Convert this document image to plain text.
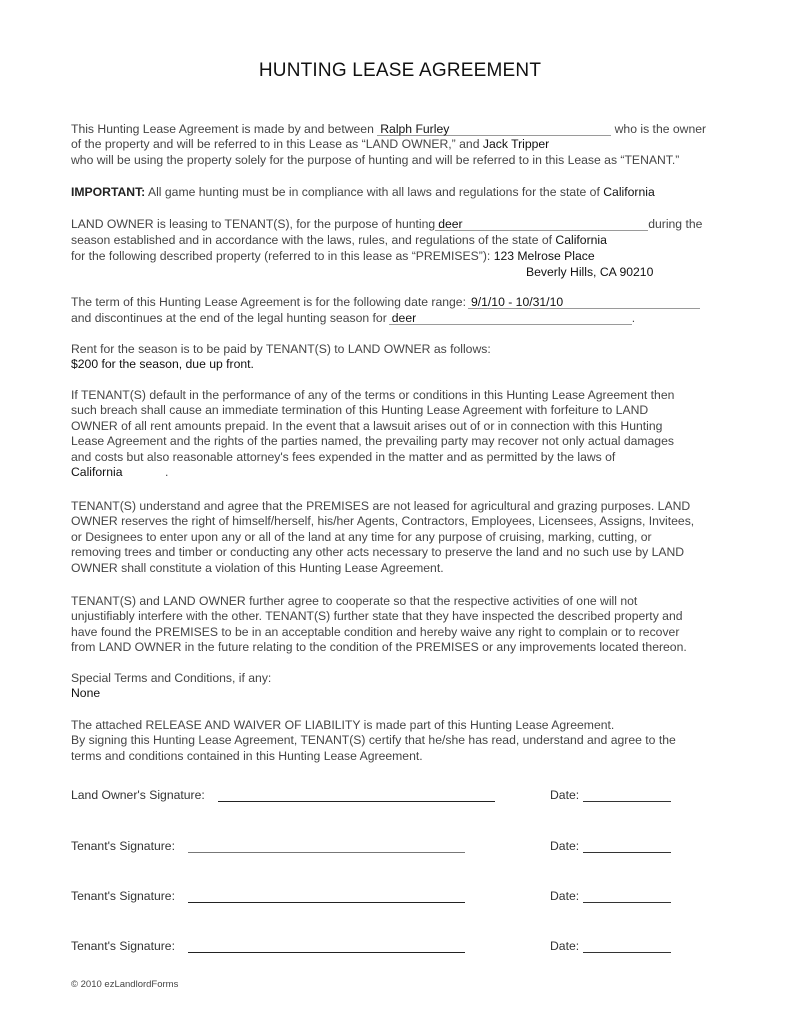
HUNTING LEASE AGREEMENT
This Hunting Lease Agreement is made by and between Ralph Furley	who is the owner
of the property and will be referred to in this Lease as “LAND OWNER,” and Jack Tripper
who will be using the property solely for the purpose of hunting and will be referred to in this Lease as “TENANT.”
IMPORTANT: All game hunting must be in compliance with all laws and regulations for the state of California
LAND OWNER is leasing to TENANT(S), for the purpose of hunting deer	during the
season established and in accordance with the laws, rules, and regulations of the state of California
for the following described property (referred to in this lease as “PREMISES”): 123 Melrose Place
Beverly Hills, CA 90210
The term of this Hunting Lease Agreement is for the following date range: 9/1/10 - 10/31/10
and discontinues at the end of the legal hunting season for deer	.
Rent for the season is to be paid by TENANT(S) to LAND OWNER as follows:
$200 for the season, due up front.
If TENANT(S) default in the performance of any of the terms or conditions in this Hunting Lease Agreement then
such breach shall cause an immediate termination of this Hunting Lease Agreement with forfeiture to LAND
OWNER of all rent amounts prepaid. In the event that a lawsuit arises out of or in connection with this Hunting
Lease Agreement and the rights of the parties named, the prevailing party may recover not only actual damages
and costs but also reasonable attorney's fees expended in the matter and as permitted by the laws of
California	.
TENANT(S) understand and agree that the PREMISES are not leased for agricultural and grazing purposes. LAND
OWNER reserves the right of himself/herself, his/her Agents, Contractors, Employees, Licensees, Assigns, Invitees,
or Designees to enter upon any or all of the land at any time for any purpose of cruising, marking, cutting, or
removing trees and timber or conducting any other acts necessary to preserve the land and no such use by LAND
OWNER shall constitute a violation of this Hunting Lease Agreement.
TENANT(S) and LAND OWNER further agree to cooperate so that the respective activities of one will not
unjustifiably interfere with the other. TENANT(S) further state that they have inspected the described property and
have found the PREMISES to be in an acceptable condition and hereby waive any right to complain or to recover
from LAND OWNER in the future relating to the condition of the PREMISES or any improvements located thereon.
Special Terms and Conditions, if any:
None
The attached RELEASE AND WAIVER OF LIABILITY is made part of this Hunting Lease Agreement.
By signing this Hunting Lease Agreement, TENANT(S) certify that he/she has read, understand and agree to the
terms and conditions contained in this Hunting Lease Agreement.
Land Owner's Signature:	Date:
Tenant's Signature:	Date:
Tenant's Signature:	Date:
Tenant's Signature:	Date:
© 2010 ezLandlordForms
